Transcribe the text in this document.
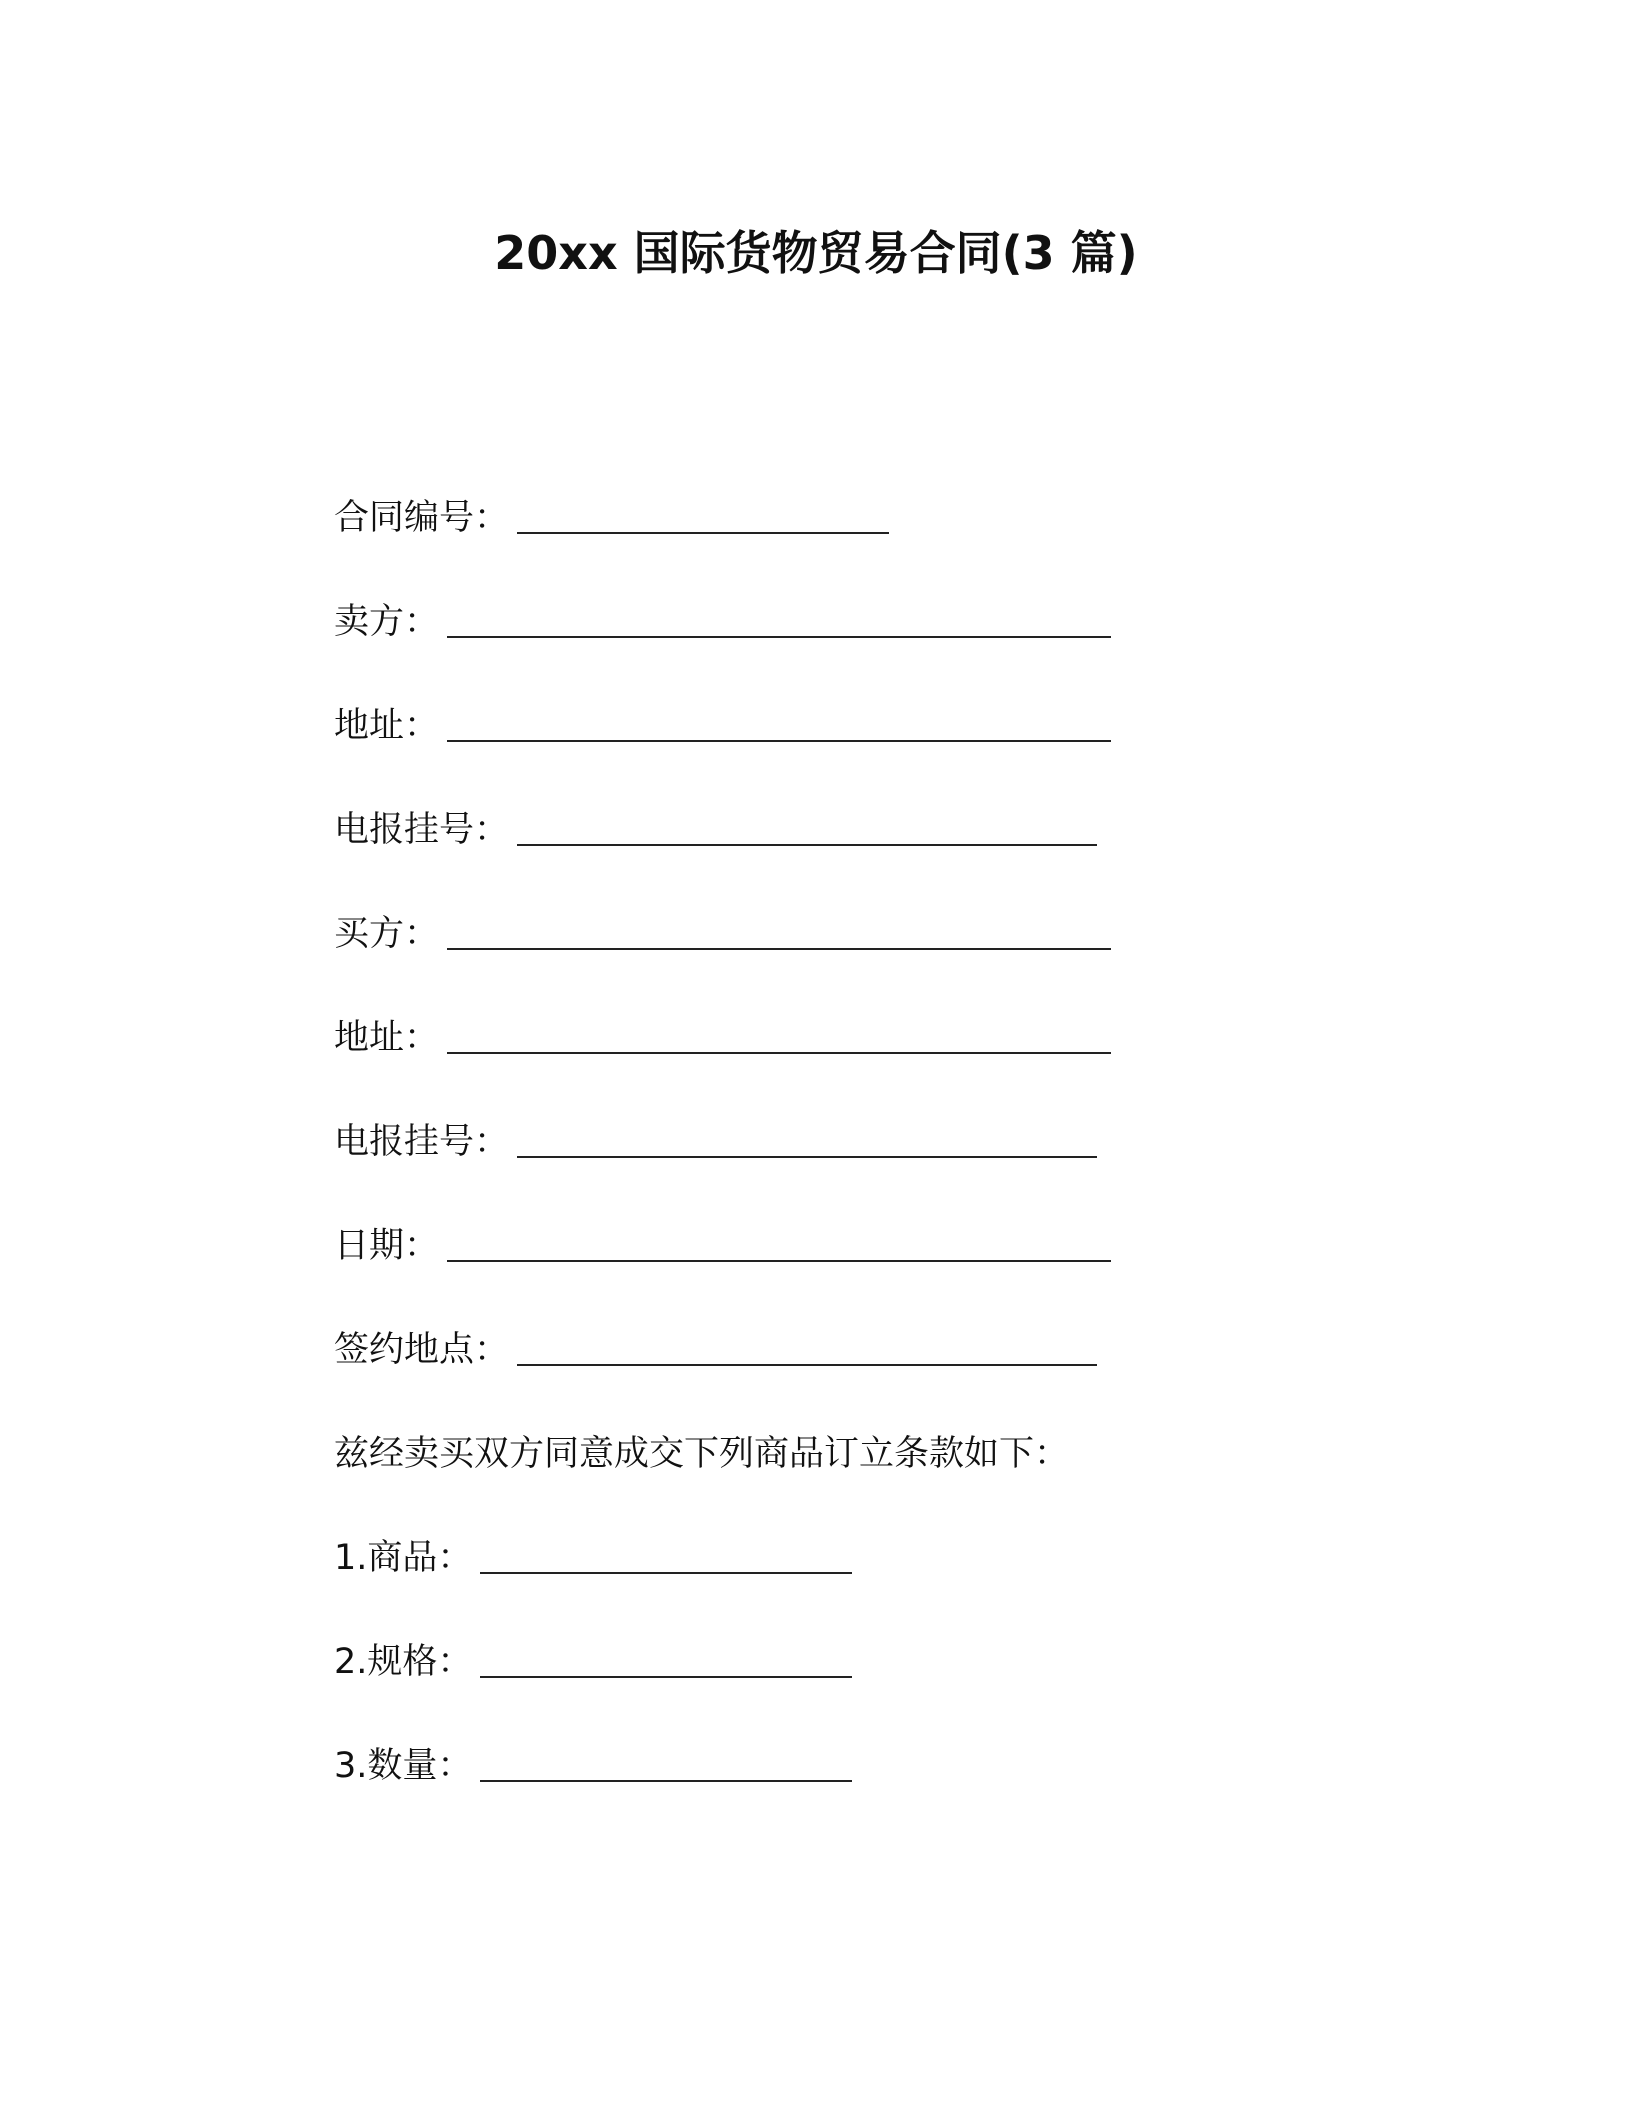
20xx 国际货物贸易合同(3 篇)
合同编号：
卖方：
地址：
电报挂号：
买方：
地址：
电报挂号：
日期：
签约地点：
兹经卖买双方同意成交下列商品订立条款如下：
1.商品：
2.规格：
3.数量：
